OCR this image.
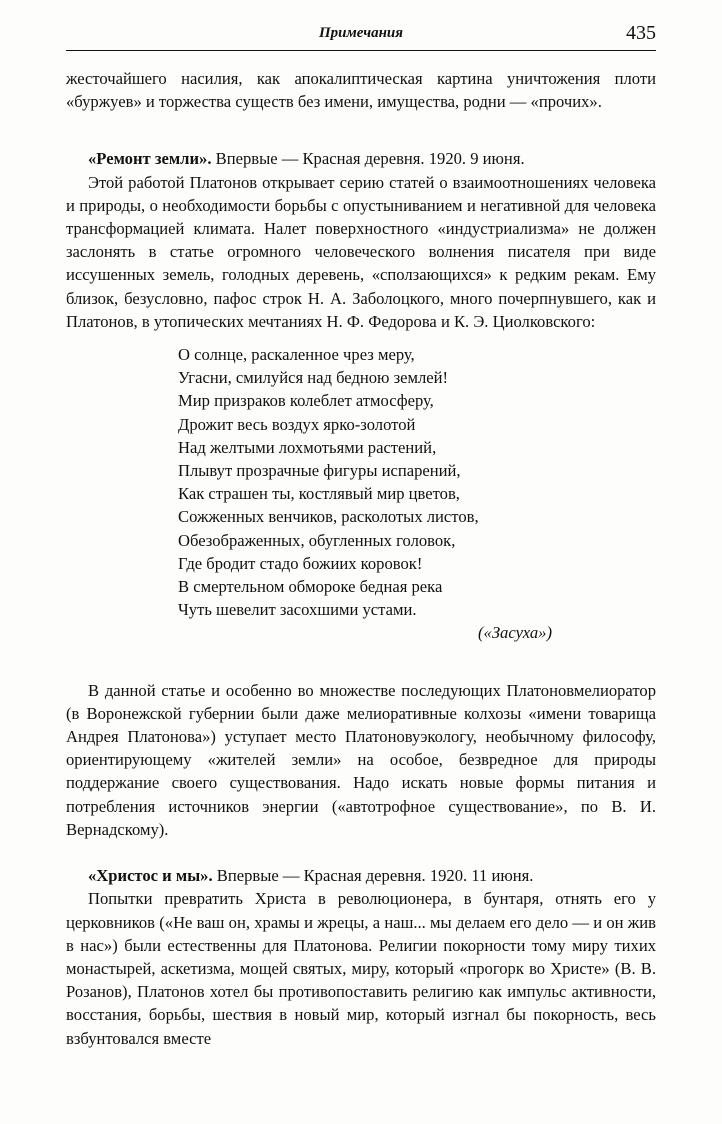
Примечания	435

жесточайшего насилия, как апокалиптическая картина уничтожения плоти «буржуев» и торжества существ без имени, имущества, родни — «прочих».

«Ремонт земли». Впервые — Красная деревня. 1920. 9 июня.

Этой работой Платонов открывает серию статей о взаимоотношениях человека и природы, о необходимости борьбы с опустыниванием и негативной для человека трансформацией климата. Налет поверхностного «индустриализма» не должен заслонять в статье огромного человеческого волнения писателя при виде иссушенных земель, голодных деревень, «сползающихся» к редким рекам. Ему близок, безусловно, пафос строк Н. А. Заболоцкого, много почерпнувшего, как и Платонов, в утопических мечтаниях Н. Ф. Федорова и К. Э. Циолковского:

О солнце, раскаленное чрез меру,
Угасни, смилуйся над бедною землей!
Мир призраков колеблет атмосферу,
Дрожит весь воздух ярко-золотой
Над желтыми лохмотьями растений,
Плывут прозрачные фигуры испарений,
Как страшен ты, костлявый мир цветов,
Сожженных венчиков, расколотых листов,
Обезображенных, обугленных головок,
Где бродит стадо божиих коровок!
В смертельном обмороке бедная река
Чуть шевелит засохшими устами.
(«Засуха»)

В данной статье и особенно во множестве последующих Платоновмелиоратор (в Воронежской губернии были даже мелиоративные колхозы «имени товарища Андрея Платонова») уступает место Платоновуэкологу, необычному философу, ориентирующему «жителей земли» на особое, безвредное для природы поддержание своего существования. Надо искать новые формы питания и потребления источников энергии («автотрофное существование», по В. И. Вернадскому).

«Христос и мы». Впервые — Красная деревня. 1920. 11 июня.

Попытки превратить Христа в революционера, в бунтаря, отнять его у церковников («Не ваш он, храмы и жрецы, а наш... мы делаем его дело — и он жив в нас») были естественны для Платонова. Религии покорности тому миру тихих монастырей, аскетизма, мощей святых, миру, который «прогорк во Христе» (В. В. Розанов), Платонов хотел бы противопоставить религию как импульс активности, восстания, борьбы, шествия в новый мир, который изгнал бы покорность, весь взбунтовался вместе
